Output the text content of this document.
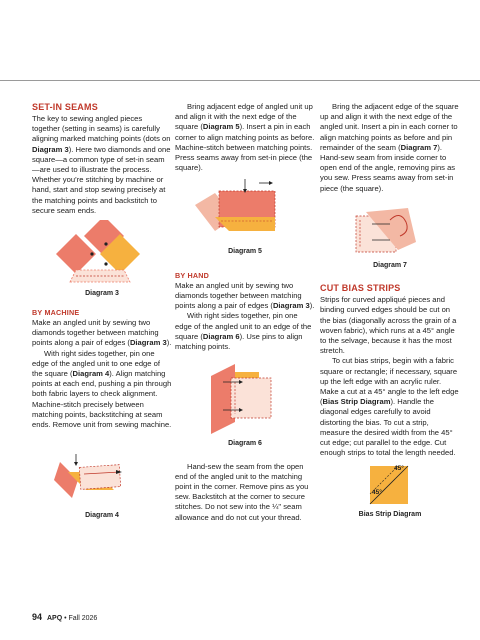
SET-IN SEAMS

The key to sewing angled pieces together (setting in seams) is carefully aligning marked matching points (dots on Diagram 3). Here two diamonds and one square—a common type of set-in seam—are used to illustrate the process. Whether you’re stitching by machine or hand, start and stop sewing precisely at the matching points and backstitch to secure seam ends.

Diagram 3
BY MACHINE

Make an angled unit by sewing two diamonds together between matching points along a pair of edges (Diagram 3).

With right sides together, pin one edge of the angled unit to one edge of the square (Diagram 4). Align matching points at each end, pushing a pin through both fabric layers to check alignment. Machine-stitch precisely between matching points, backstitching at seam ends. Remove unit from sewing machine.

Diagram 4

Bring adjacent edge of angled unit up and align it with the next edge of the square (Diagram 5). Insert a pin in each corner to align matching points as before. Machine-stitch between matching points. Press seams away from set-in piece (the square).

Diagram 5
BY HAND

Make an angled unit by sewing two diamonds together between matching points along a pair of edges (Diagram 3).

With right sides together, pin one edge of the angled unit to an edge of the square (Diagram 6). Use pins to align matching points.

Diagram 6

Hand-sew the seam from the open end of the angled unit to the matching point in the corner. Remove pins as you sew. Backstitch at the corner to secure stitches. Do not sew into the ¼" seam allowance and do not cut your thread.

Bring the adjacent edge of the square up and align it with the next edge of the angled unit. Insert a pin in each corner to align matching points as before and pin remainder of the seam (Diagram 7). Hand-sew seam from inside corner to open end of the angle, removing pins as you sew. Press seams away from set-in piece (the square).

Diagram 7
CUT BIAS STRIPS

Strips for curved appliqué pieces and binding curved edges should be cut on the bias (diagonally across the grain of a woven fabric), which runs at a 45° angle to the selvage, because it has the most stretch.

To cut bias strips, begin with a fabric square or rectangle; if necessary, square up the left edge with an acrylic ruler. Make a cut at a 45° angle to the left edge (Bias Strip Diagram). Handle the diagonal edges carefully to avoid distorting the bias. To cut a strip, measure the desired width from the 45° cut edge; cut parallel to the edge. Cut enough strips to total the length needed.

45°
45°
Bias Strip Diagram
94 APQ • Fall 2026
